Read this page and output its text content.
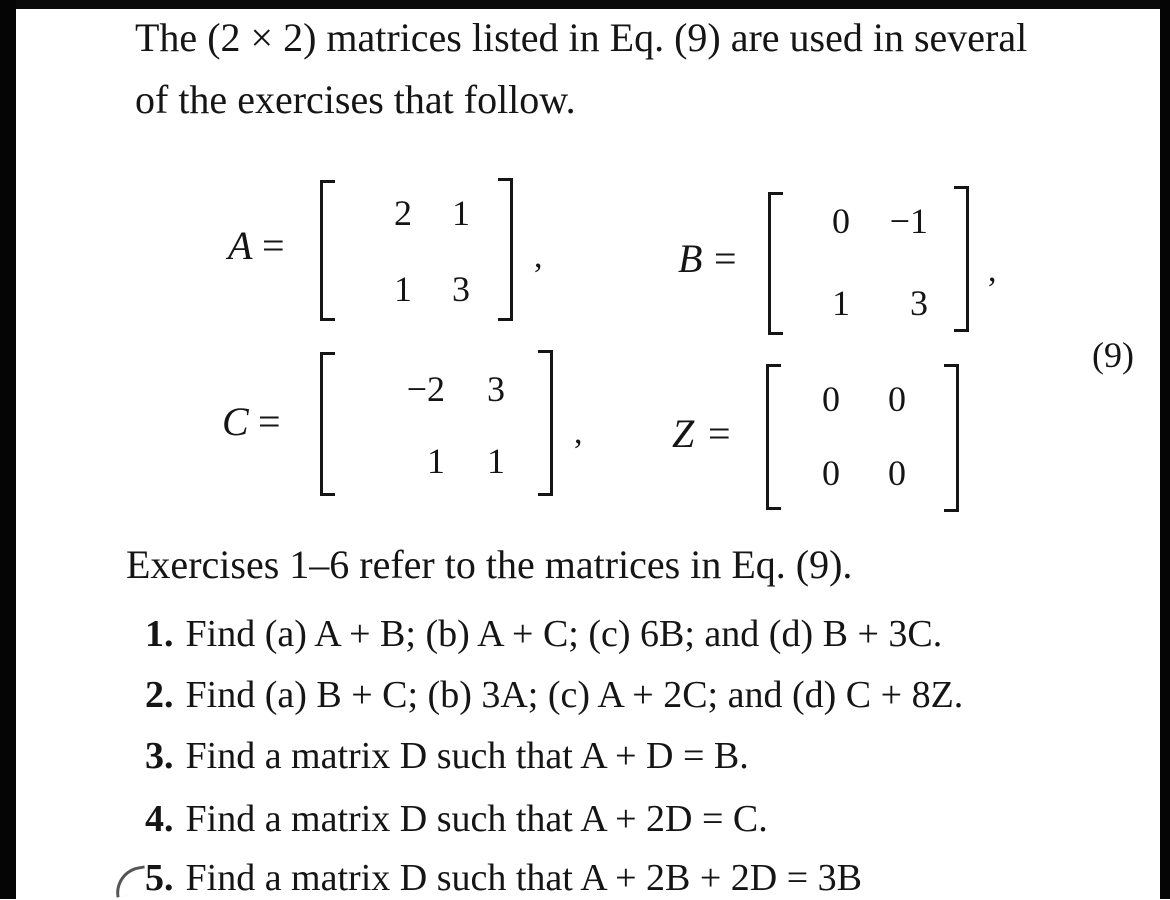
The (2 × 2) matrices listed in Eq. (9) are used in several
of the exercises that follow.
A =
2	1
1	3
,	B =
0	−1
1	3
,
(9)
C =
−2	3
1	1
, Z =
0	0
0	0
Exercises 1–6 refer to the matrices in Eq. (9).
1. Find (a) A + B; (b) A + C; (c) 6B; and (d) B + 3C.
2. Find (a) B + C; (b) 3A; (c) A + 2C; and (d) C + 8Z.
3. Find a matrix D such that A + D = B.
4. Find a matrix D such that A + 2D = C.
5. Find a matrix D such that A + 2B + 2D = 3B
